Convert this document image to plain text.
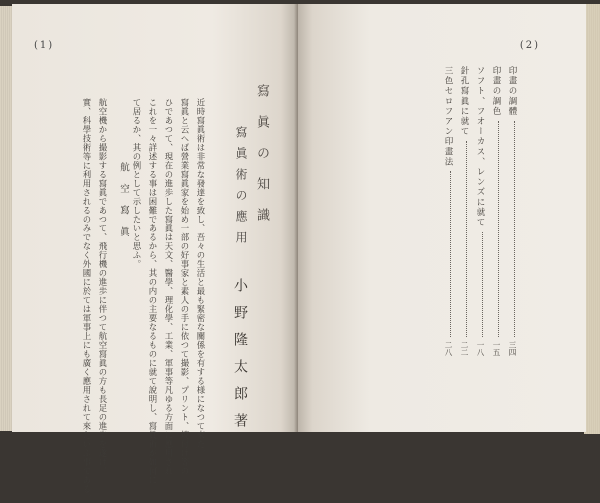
(1)
近時寫眞術は非常な發達を致し、吾々の生活と最も緊密な關係を有する様になつて來た。
寫眞と云へば營業寫眞家を始め一部の好事家と素人の手に依つて撮影、プリント、焼付け等の
ひであつて、現在の進歩した寫眞は天文、醫學、理化學、工業、軍事等凡ゆる方面に應用され
これを一々詳述する事は困難であるから、其の内の主要なるものに就て說明し、寫眞術が如何に
て居るか、其の例として示したいと思ふ。	寫眞術の應用
航空寫眞
航空機から撮影する寫眞であつて、飛行機の進歩に伴つて航空寫眞の方も長足の進歩を遂げ、
實、科學技術等に利用されるのみでなく外國に於ては軍事上にも廣く應用されて來たいふ事である。
(2)
印畫の調體
三四
印畫の調色
一五
ソフト、フオーカス、レンズに就て
一八
針孔寫眞に就て
二二
三色セロフアン印畫法
二八
寫眞の知識
小野隆太郎著
